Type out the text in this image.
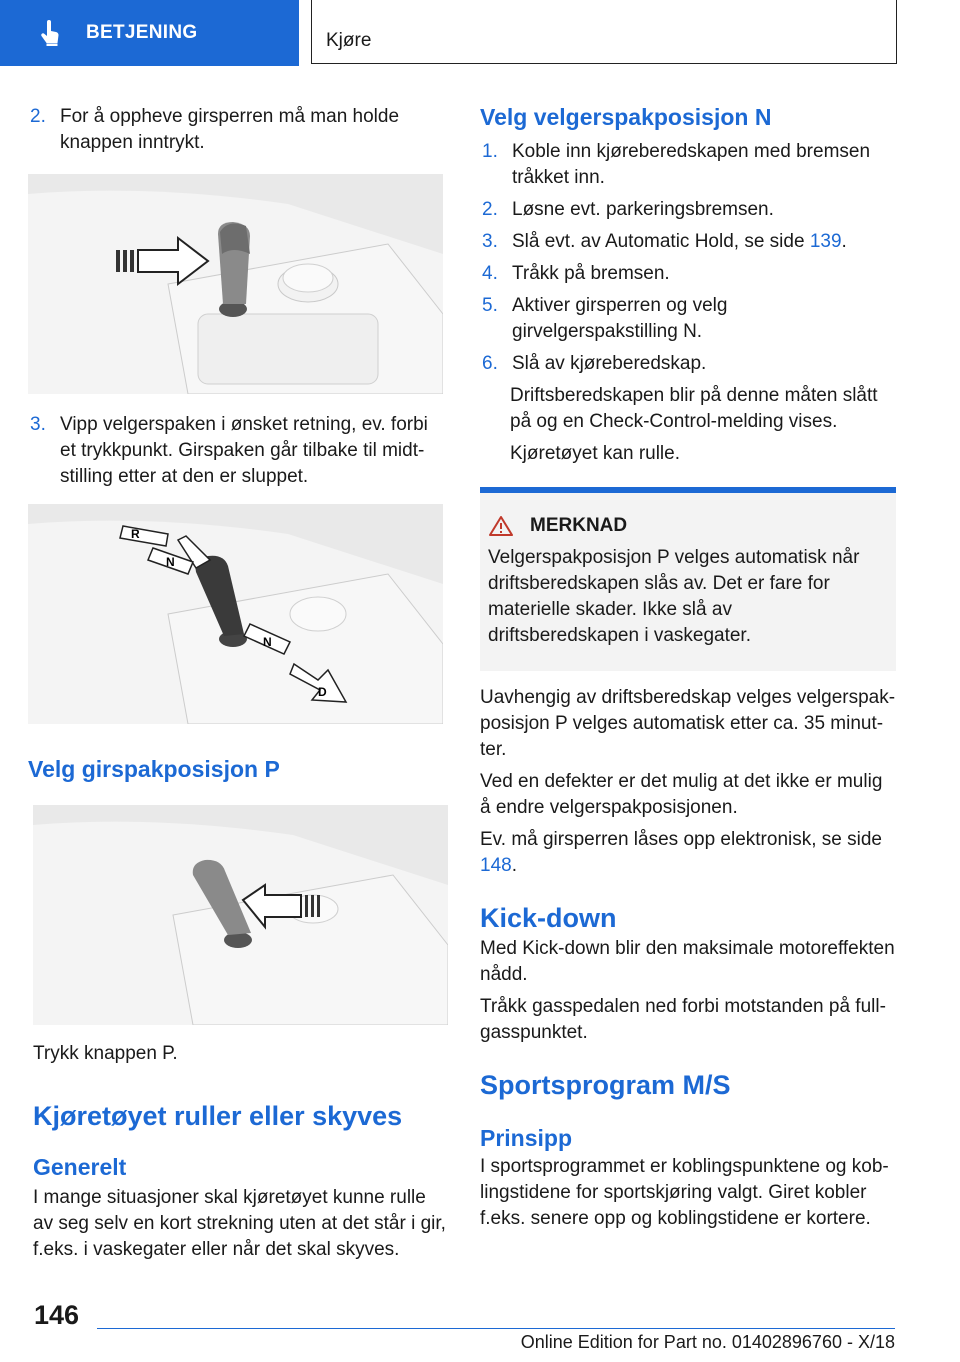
BETJENING	Kjøre
2. For å oppheve girsperren må man holde knappen inntrykt.
3. Vipp velgerspaken i ønsket retning, ev. forbi et trykkpunkt. Girspaken går tilbake til midtstilling etter at den er sluppet.
R
N
N
D
Velg girspakposisjon P

Trykk knappen P.

Kjøretøyet ruller eller skyves
Generelt

I mange situasjoner skal kjøretøyet kunne rulle av seg selv en kort strekning uten at det står i gir, f.eks. i vaskegater eller når det skal skyves.

Velg velgerspakposisjon N
1. Koble inn kjøreberedskapen med bremsen tråkket inn.
2. Løsne evt. parkeringsbremsen.
3. Slå evt. av Automatic Hold, se side 139.
4. Tråkk på bremsen.
5. Aktiver girsperren og velg girvelgerspakstilling N.
6. Slå av kjøreberedskap.

Driftsberedskapen blir på denne måten slått på og en Check-Control-melding vises.

Kjøretøyet kan rulle.

MERKNAD

Velgerspakposisjon P velges automatisk når driftsberedskapen slås av. Det er fare for materielle skader. Ikke slå av driftsberedskapen i vaskegater.

Uavhengig av driftsberedskap velges velgerspakposisjon P velges automatisk etter ca. 35 minutter.

Ved en defekter er det mulig at det ikke er mulig å endre velgerspakposisjonen.

Ev. må girsperren låses opp elektronisk, se side 148.

Kick-down

Med Kick-down blir den maksimale motoreffekten nådd.

Tråkk gasspedalen ned forbi motstanden på fullgasspunktet.

Sportsprogram M/S
Prinsipp

I sportsprogrammet er koblingspunktene og koblingstidene for sportskjøring valgt. Giret kobler f.eks. senere opp og koblingstidene er kortere.

146
Online Edition for Part no. 01402896760 - X/18
